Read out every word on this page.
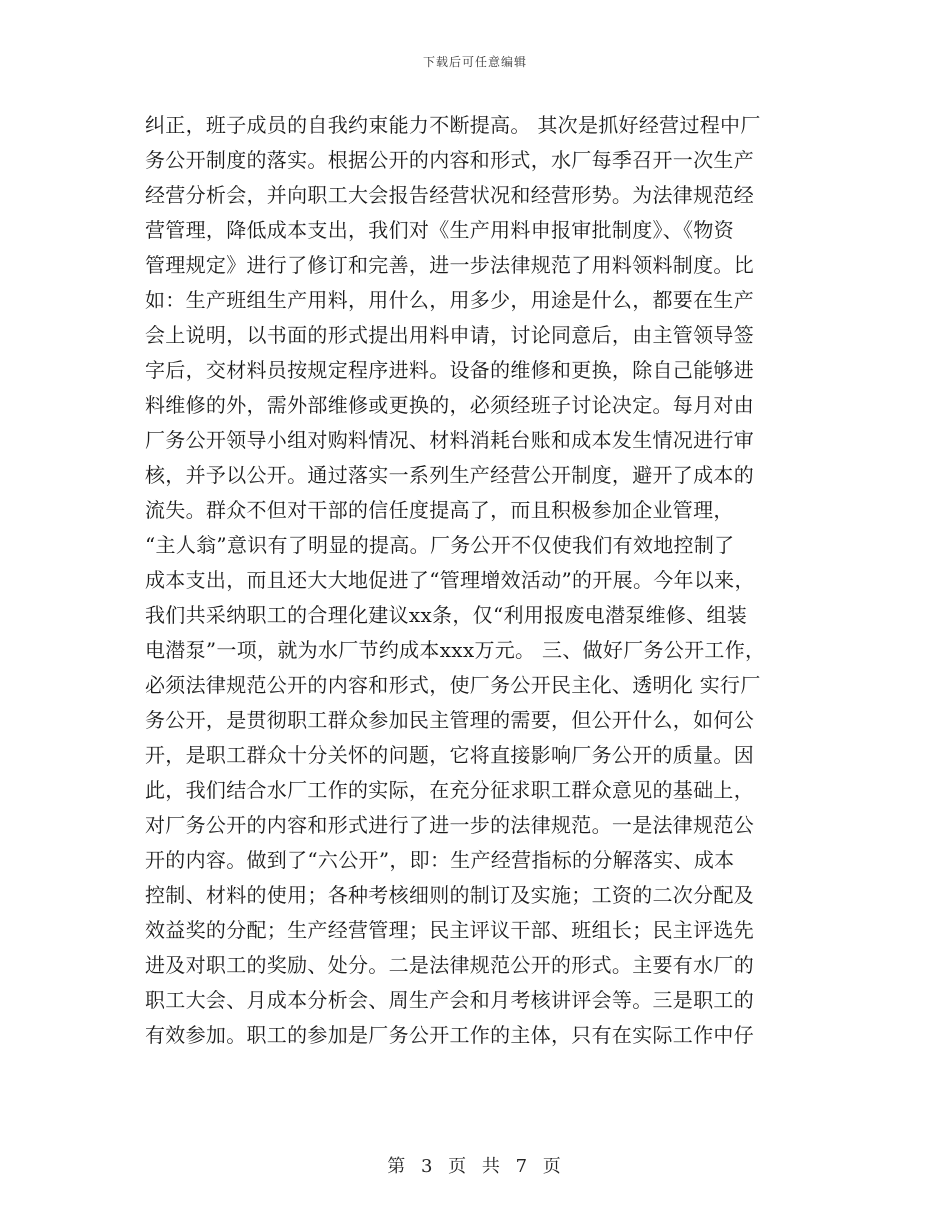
下载后可任意编辑
纠正，班子成员的自我约束能力不断提高。 其次是抓好经营过程中厂
务公开制度的落实。根据公开的内容和形式，水厂每季召开一次生产
经营分析会，并向职工大会报告经营状况和经营形势。为法律规范经
营管理，降低成本支出，我们对《生产用料申报审批制度》、《物资
管理规定》进行了修订和完善，进一步法律规范了用料领料制度。比
如：生产班组生产用料，用什么，用多少，用途是什么，都要在生产
会上说明，以书面的形式提出用料申请，讨论同意后，由主管领导签
字后，交材料员按规定程序进料。设备的维修和更换，除自己能够进
料维修的外，需外部维修或更换的，必须经班子讨论决定。每月对由
厂务公开领导小组对购料情况、材料消耗台账和成本发生情况进行审
核，并予以公开。通过落实一系列生产经营公开制度，避开了成本的
流失。群众不但对干部的信任度提高了，而且积极参加企业管理，
“主人翁”意识有了明显的提高。厂务公开不仅使我们有效地控制了
成本支出，而且还大大地促进了“管理增效活动”的开展。今年以来，
我们共采纳职工的合理化建议xx条，仅“利用报废电潜泵维修、组装
电潜泵”一项，就为水厂节约成本xxx万元。 三、做好厂务公开工作，
必须法律规范公开的内容和形式，使厂务公开民主化、透明化 实行厂
务公开，是贯彻职工群众参加民主管理的需要，但公开什么，如何公
开，是职工群众十分关怀的问题，它将直接影响厂务公开的质量。因
此，我们结合水厂工作的实际，在充分征求职工群众意见的基础上，
对厂务公开的内容和形式进行了进一步的法律规范。一是法律规范公
开的内容。做到了“六公开”，即：生产经营指标的分解落实、成本
控制、材料的使用；各种考核细则的制订及实施；工资的二次分配及
效益奖的分配；生产经营管理；民主评议干部、班组长；民主评选先
进及对职工的奖励、处分。二是法律规范公开的形式。主要有水厂的
职工大会、月成本分析会、周生产会和月考核讲评会等。三是职工的
有效参加。职工的参加是厂务公开工作的主体，只有在实际工作中仔
第 3 页 共 7 页
